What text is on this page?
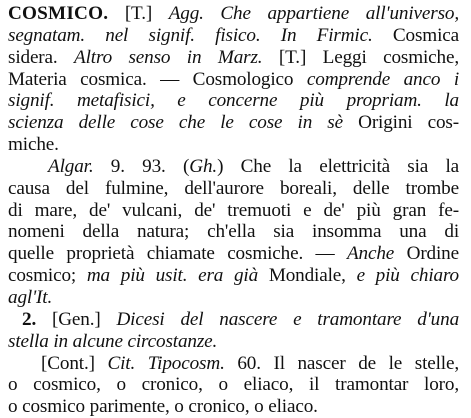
COSMICO. [T.] Agg. Che appartiene all'universo,
segnatam. nel signif. fisico. In Firmic. Cosmica
sidera. Altro senso in Marz. [T.] Leggi cosmiche,
Materia cosmica. — Cosmologico comprende anco i
signif. metafisici, e concerne più propriam. la
scienza delle cose che le cose in sè Origini cos-
miche.
Algar. 9. 93. (Gh.) Che la elettricità sia la
causa del fulmine, dell'aurore boreali, delle trombe
di mare, de' vulcani, de' tremuoti e de' più gran fe-
nomeni della natura; ch'ella sia insomma una di
quelle proprietà chiamate cosmiche. — Anche Ordine
cosmico; ma più usit. era già Mondiale, e più chiaro
agl'It.
2. [Gen.] Dicesi del nascere e tramontare d'una
stella in alcune circostanze.
[Cont.] Cit. Tipocosm. 60. Il nascer de le stelle,
o cosmico, o cronico, o eliaco, il tramontar loro,
o cosmico parimente, o cronico, o eliaco.
